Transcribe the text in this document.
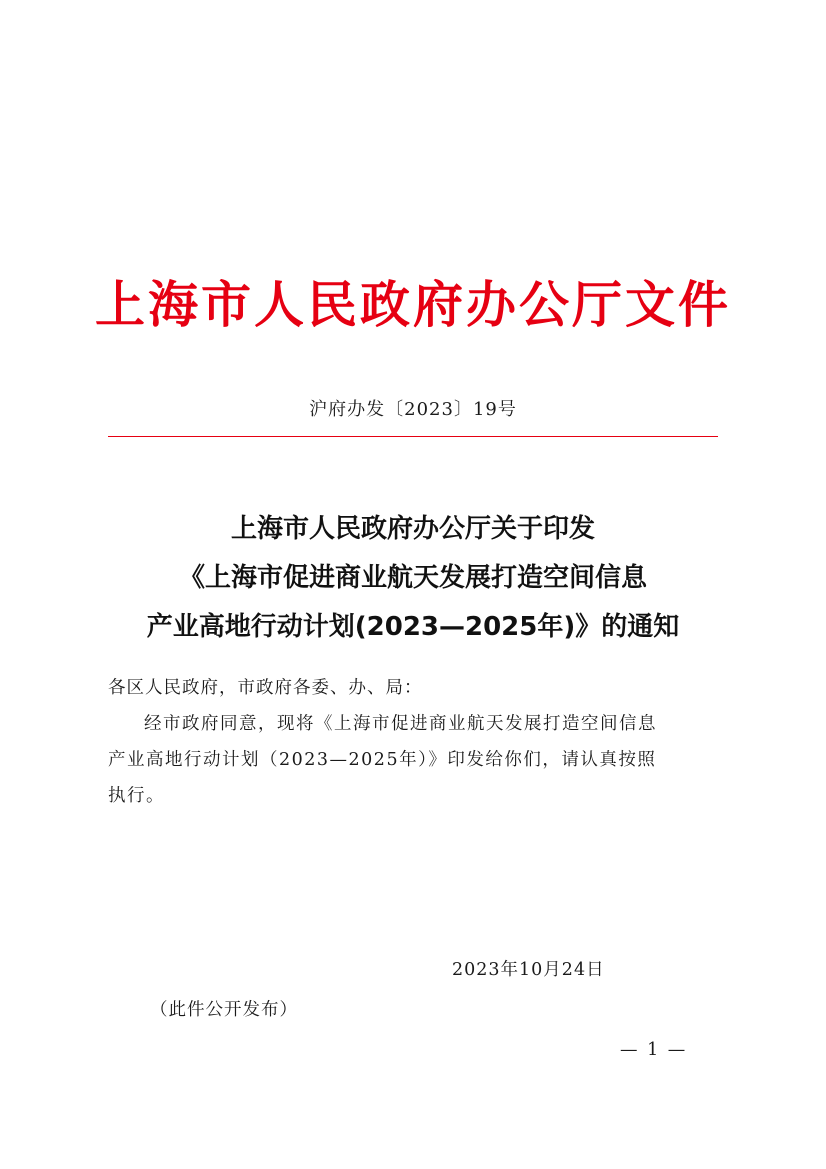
上海市人民政府办公厅文件
沪府办发〔2023〕19号
上海市人民政府办公厅关于印发
《上海市促进商业航天发展打造空间信息
产业高地行动计划(2023—2025年)》的通知
各区人民政府，市政府各委、办、局：
经市政府同意，现将《上海市促进商业航天发展打造空间信息
产业高地行动计划（2023—2025年）》印发给你们，请认真按照
执行。
2023年10月24日
（此件公开发布）
— 1 —
